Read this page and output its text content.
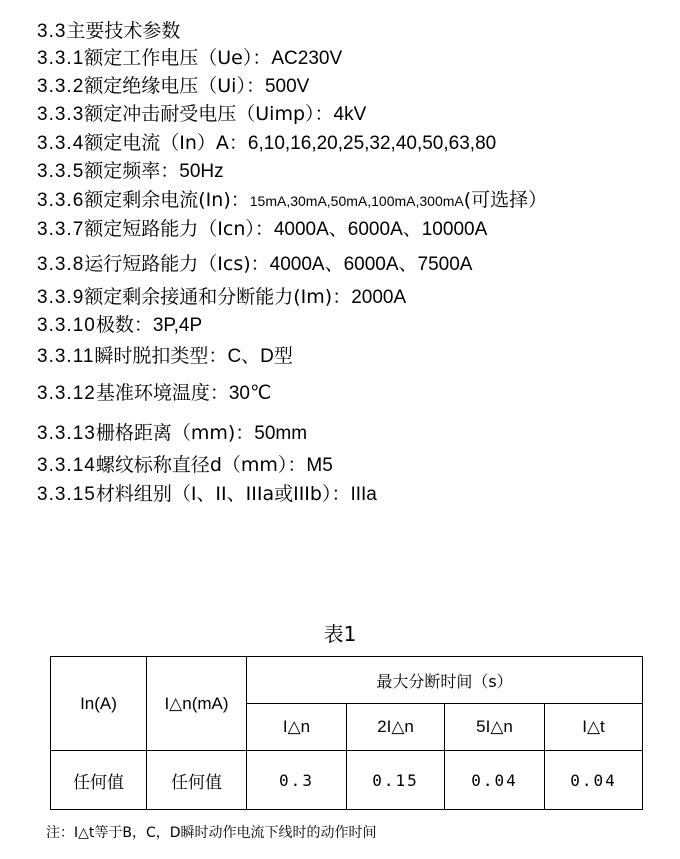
3.3主要技术参数
3.3.1额定工作电压（Ue）：AC230V
3.3.2额定绝缘电压（Ui）：500V
3.3.3额定冲击耐受电压（Uimp）：4kV
3.3.4额定电流（In）A：6,10,16,20,25,32,40,50,63,80
3.3.5额定频率：50Hz
3.3.6额定剩余电流(In)：15mA,30mA,50mA,100mA,300mA(可选择）
3.3.7额定短路能力（Icn）：4000A、6000A、10000A
3.3.8运行短路能力（Ics)：4000A、6000A、7500A
3.3.9额定剩余接通和分断能力(Im)：2000A
3.3.10极数：3P,4P
3.3.11瞬时脱扣类型：C、D型
3.3.12基准环境温度：30℃
3.3.13栅格距离（mm)：50mm
3.3.14螺纹标称直径d（mm）：M5
3.3.15材料组别（I、II、IIIa或IIIb）：IIIa
表1
In(A)	I△n(mA)	最大分断时间（s）			
		I△n	2I△n	5I△n	I△t
任何值	任何值	0.3	0.15	0.04	0.04
注：I△t等于B，C，D瞬时动作电流下线时的动作时间
